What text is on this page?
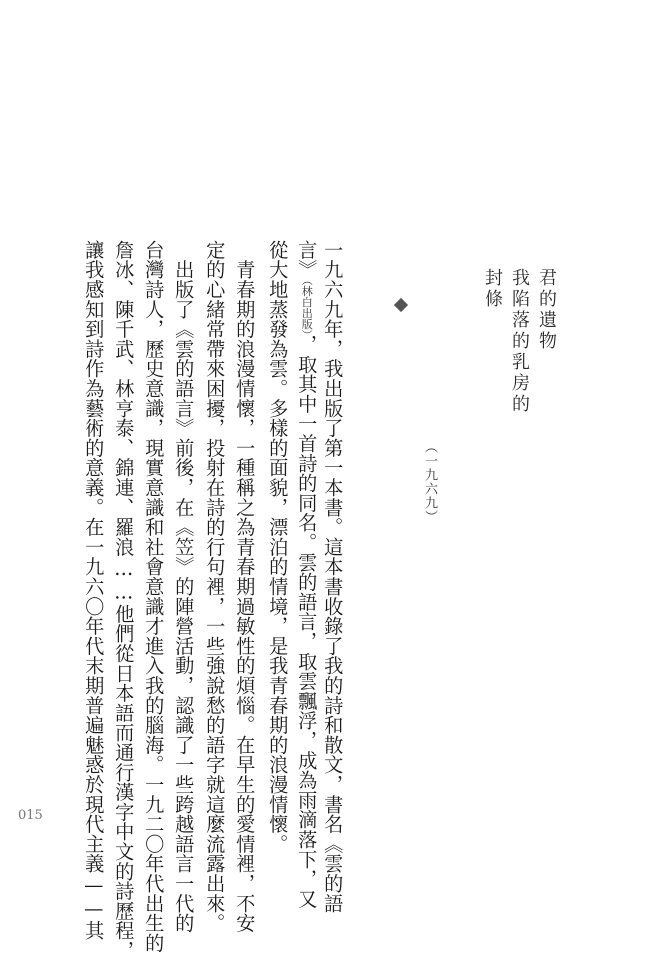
君的遺物
我陷落的乳房的
封條
（一九六九）
一九六九年，我出版了第一本書。這本書收錄了我的詩和散文，書名《雲的語
言》（林白出版），取其中一首詩的同名。雲的語言，取雲飄浮，成為雨滴落下，又
從大地蒸發為雲。多樣的面貌，漂泊的情境，是我青春期的浪漫情懷。
　青春期的浪漫情懷，一種稱之為青春期過敏性的煩惱。在早生的愛情裡，不安
定的心緒常帶來困擾，投射在詩的行句裡，一些強說愁的語字就這麼流露出來。
　出版了《雲的語言》前後，在《笠》的陣營活動，認識了一些跨越語言一代的
台灣詩人，歷史意識，現實意識和社會意識才進入我的腦海。一九二〇年代出生的
詹冰、陳千武、林亨泰、錦連、羅浪……他們從日本語而通行漢字中文的詩歷程，
讓我感知到詩作為藝術的意義。在一九六〇年代末期普遍魅惑於現代主義——其
015
